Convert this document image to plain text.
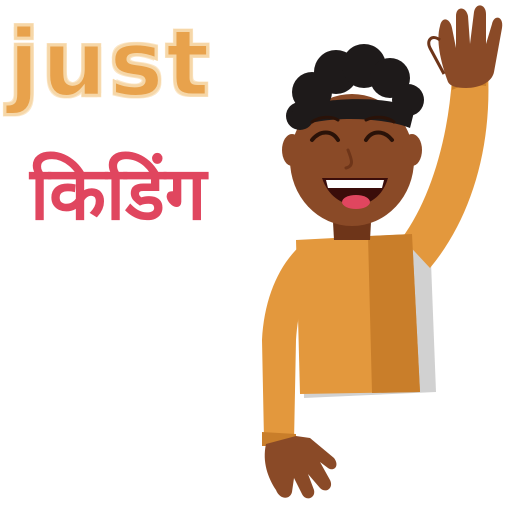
just
किडिंग
